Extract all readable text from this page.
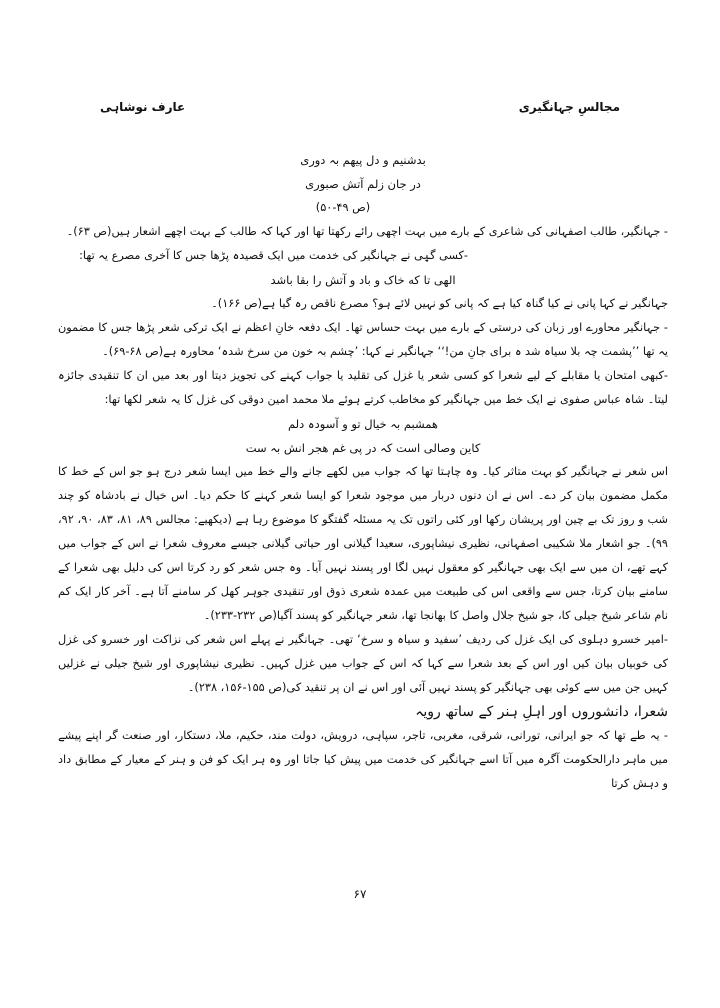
عارف نوشاہی	مجالسِ جہانگیری

بدشنیم و دل پیهم بہ دوری

در جان زلم آتش صبوری

(ص ۴۹-۵۰)

- جہانگیر، طالب اصفہانی کی شاعری کے بارے میں بہت اچھی رائے رکھتا تھا اور کہا کہ طالب کے بہت اچھے اشعار ہیں(ص ۶۳)۔

-کسی گیٖی نے جہانگیر کی خدمت میں ایک قصیدہ پڑھا جس کا آخری مصرع یہ تھا:

الهی تا که خاک و باد و آتش را بقا باشد

جہانگیر نے کہا پانی نے کیا گناہ کیا ہے کہ پانی کو نہیں لائے ہو؟ مصرع ناقص رہ گیا ہے(ص ۱۶۶)۔

- جہانگیر محاورے اور زبان کی درستی کے بارے میں بہت حساس تھا۔ ایک دفعہ خانِ اعظم نے ایک ترکی شعر پڑھا جس کا مضمون یہ تھا ’’پشمت چہ بلا سیاہ شد ہ برای جانِ من!‘‘ جہانگیر نے کہا: ’چشم بہ خون من سرخ شدہ‘ محاورہ ہے(ص ۶۸-۶۹)۔

-کبھی امتحان یا مقابلے کے لیے شعرا کو کسی شعر یا غزل کی تقلید یا جواب کہنے کی تجویز دیتا اور بعد میں ان کا تنقیدی جائزہ لیتا۔ شاہ عباس صفوی نے ایک خط میں جہانگیر کو مخاطب کرتے ہوئے ملا محمد امین دوقی کی غزل کا یہ شعر لکھا تھا:

همشبم بہ خیال تو و آسودہ دلم

کاین وصالی است کہ در پی غم هجر انش بہ ست

اس شعر نے جہانگیر کو بہت متاثر کیا۔ وہ چاہتا تھا کہ جواب میں لکھے جانے والے خط میں ایسا شعر درج ہو جو اس کے خط کا مکمل مضمون بیان کر دے۔ اس نے ان دنوں دربار میں موجود شعرا کو ایسا شعر کہنے کا حکم دیا۔ اس خیال نے بادشاہ کو چند شب و روز تک بے چین اور پریشان رکھا اور کئی راتوں تک یہ مسئلہ گفتگو کا موضوع رہا ہے (دیکھیے: مجالس ۸۹، ۸۱، ۸۳، ۹۰، ۹۲، ۹۹)۔ جو اشعار ملا شکیبی اصفہانی، نظیری نیشاپوری، سعیدا گیلانی اور حیاتی گیلانی جیسے معروف شعرا نے اس کے جواب میں کہے تھے، ان میں سے ایک بھی جہانگیر کو معقول نہیں لگا اور پسند نہیں آیا۔ وہ جس شعر کو رد کرتا اس کی دلیل بھی شعرا کے سامنے بیان کرتا، جس سے واقعی اس کی طبیعت میں عمدہ شعری ذوق اور تنقیدی جوہر کھل کر سامنے آتا ہے۔ آخر کار ایک کم نام شاعر شیخ جیلی کا، جو شیخ جلال واصل کا بھانجا تھا، شعر جہانگیر کو پسند آگیا(ص ۲۳۲-۲۳۳)۔

-امیر خسرو دہلوی کی ایک غزل کی ردیف ’سفید و سیاہ و سرخ‘ تھی۔ جہانگیر نے پہلے اس شعر کی نزاکت اور خسرو کی غزل کی خوبیاں بیان کیں اور اس کے بعد شعرا سے کہا کہ اس کے جواب میں غزل کہیں۔ نظیری نیشاپوری اور شیخ جیلی نے غزلیں کہیں جن میں سے کوئی بھی جہانگیر کو پسند نہیں آئی اور اس نے ان پر تنقید کی(ص ۱۵۵-۱۵۶، ۲۳۸)۔

شعرا، دانشوروں اور اہلِ ہنر کے ساتھ رویہ

- یہ طے تھا کہ جو ایرانی، تورانی، شرقی، مغربی، تاجر، سپاہی، درویش، دولت مند، حکیم، ملا، دستکار، اور صنعت گر اپنے پیشے میں ماہر دارالحکومت آگرہ میں آتا اسے جہانگیر کی خدمت میں پیش کیا جاتا اور وہ ہر ایک کو فن و ہنر کے معیار کے مطابق داد و دہش کرتا

۶۷
